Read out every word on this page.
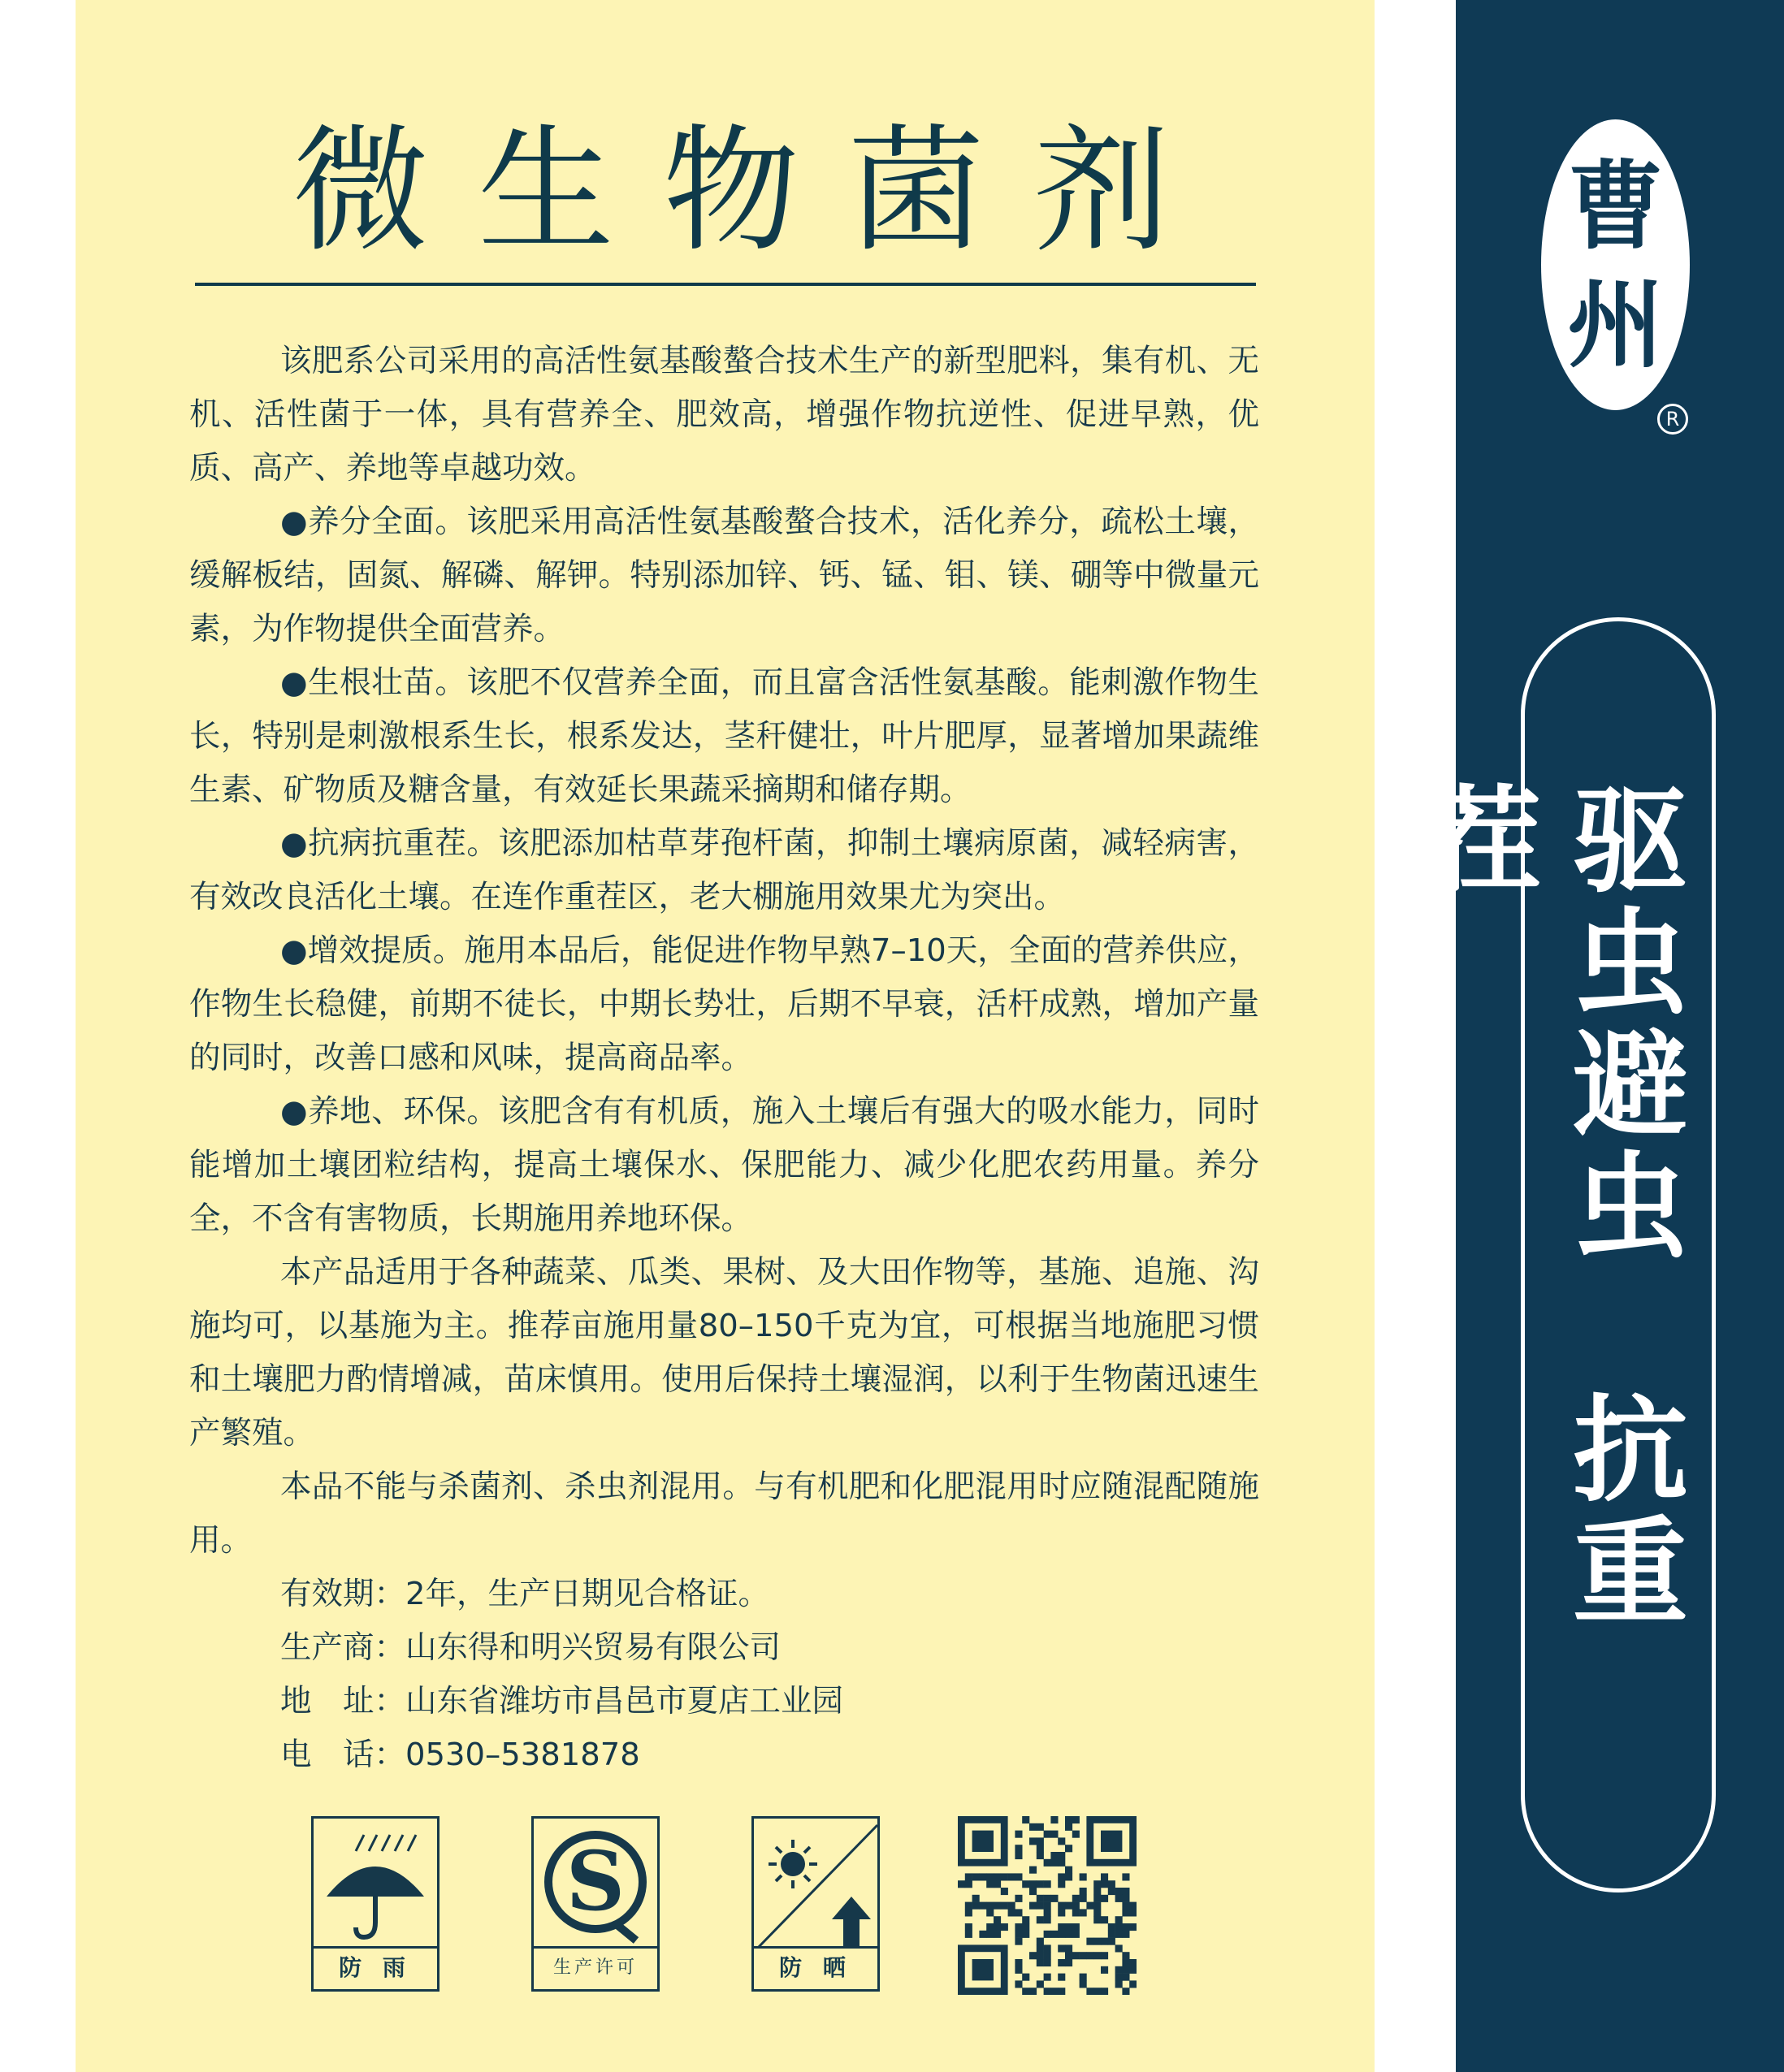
微生物菌剂

该肥系公司采用的高活性氨基酸螯合技术生产的新型肥料，集有机、无机、活性菌于一体，具有营养全、肥效高，增强作物抗逆性、促进早熟，优质、高产、养地等卓越功效。

●养分全面。该肥采用高活性氨基酸螯合技术，活化养分，疏松土壤，缓解板结，固氮、解磷、解钾。特别添加锌、钙、锰、钼、镁、硼等中微量元素，为作物提供全面营养。

●生根壮苗。该肥不仅营养全面，而且富含活性氨基酸。能刺激作物生长，特别是刺激根系生长，根系发达，茎秆健壮，叶片肥厚，显著增加果蔬维生素、矿物质及糖含量，有效延长果蔬采摘期和储存期。

●抗病抗重茬。该肥添加枯草芽孢杆菌，抑制土壤病原菌，减轻病害，有效改良活化土壤。在连作重茬区，老大棚施用效果尤为突出。

●增效提质。施用本品后，能促进作物早熟7–10天，全面的营养供应，作物生长稳健，前期不徒长，中期长势壮，后期不早衰，活杆成熟，增加产量的同时，改善口感和风味，提高商品率。

●养地、环保。该肥含有有机质，施入土壤后有强大的吸水能力，同时能增加土壤团粒结构，提高土壤保水、保肥能力、减少化肥农药用量。养分全，不含有害物质，长期施用养地环保。

本产品适用于各种蔬菜、瓜类、果树、及大田作物等，基施、追施、沟施均可，以基施为主。推荐亩施用量80–150千克为宜，可根据当地施肥习惯和土壤肥力酌情增减，苗床慎用。使用后保持土壤湿润，以利于生物菌迅速生产繁殖。

本品不能与杀菌剂、杀虫剂混用。与有机肥和化肥混用时应随混配随施用。

有效期：2年，生产日期见合格证。

生产商：山东得和明兴贸易有限公司

地　址：山东省潍坊市昌邑市夏店工业园

电　话：0530–5381878

防 雨
S
生产许可	防 晒
曹州
R
驱虫避虫　抗重茬
